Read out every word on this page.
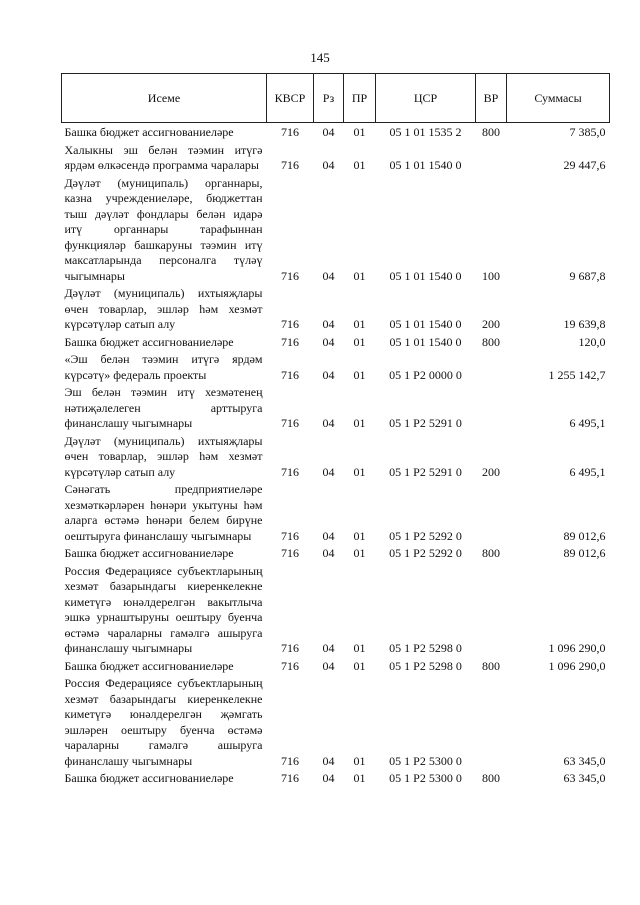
145
Исеме	КВСР	Рз	ПР	ЦСР	ВР	Суммасы
Башка бюджет ассигнованиеләре	716	04	01	05 1 01 1535 2	800	7 385,0
Халыкны эш белән тәэмин итүгә ярдәм өлкәсендә программа чаралары	716	04	01	05 1 01 1540 0		29 447,6
Дәүләт (муниципаль) органнары, казна учреждениеләре, бюджеттан тыш дәүләт фондлары белән идарә итү органнары тарафыннан функцияләр башкаруны тәэмин итү максатларында персоналга түләү чыгымнары	716	04	01	05 1 01 1540 0	100	9 687,8
Дәүләт (муниципаль) ихтыяҗлары өчен товарлар, эшләр һәм хезмәт күрсәтүләр сатып алу	716	04	01	05 1 01 1540 0	200	19 639,8
Башка бюджет ассигнованиеләре	716	04	01	05 1 01 1540 0	800	120,0
«Эш белән тәэмин итүгә ярдәм күрсәтү» федераль проекты	716	04	01	05 1 P2 0000 0		1 255 142,7
Эш белән тәэмин итү хезмәтенең нәтиҗәлелеген арттыруга финанслашу чыгымнары	716	04	01	05 1 P2 5291 0		6 495,1
Дәүләт (муниципаль) ихтыяҗлары өчен товарлар, эшләр һәм хезмәт күрсәтүләр сатып алу	716	04	01	05 1 P2 5291 0	200	6 495,1
Сәнәгать предприятиеләре хезмәткәрләрен һөнәри укытуны һәм аларга өстәмә һөнәри белем бирүне оештыруга финанслашу чыгымнары	716	04	01	05 1 P2 5292 0		89 012,6
Башка бюджет ассигнованиеләре	716	04	01	05 1 P2 5292 0	800	89 012,6
Россия Федерациясе субъектларының хезмәт базарындагы киеренкелекне киметүгә юнәлдерелгән вакытлыча эшкә урнаштыруны оештыру буенча өстәмә чараларны гамәлгә ашыруга финанслашу чыгымнары	716	04	01	05 1 P2 5298 0		1 096 290,0
Башка бюджет ассигнованиеләре	716	04	01	05 1 P2 5298 0	800	1 096 290,0
Россия Федерациясе субъектларының хезмәт базарындагы киеренкелекне киметүгә юнәлдерелгән җәмгать эшләрен оештыру буенча өстәмә чараларны гамәлгә ашыруга финанслашу чыгымнары	716	04	01	05 1 P2 5300 0		63 345,0
Башка бюджет ассигнованиеләре	716	04	01	05 1 P2 5300 0	800	63 345,0
